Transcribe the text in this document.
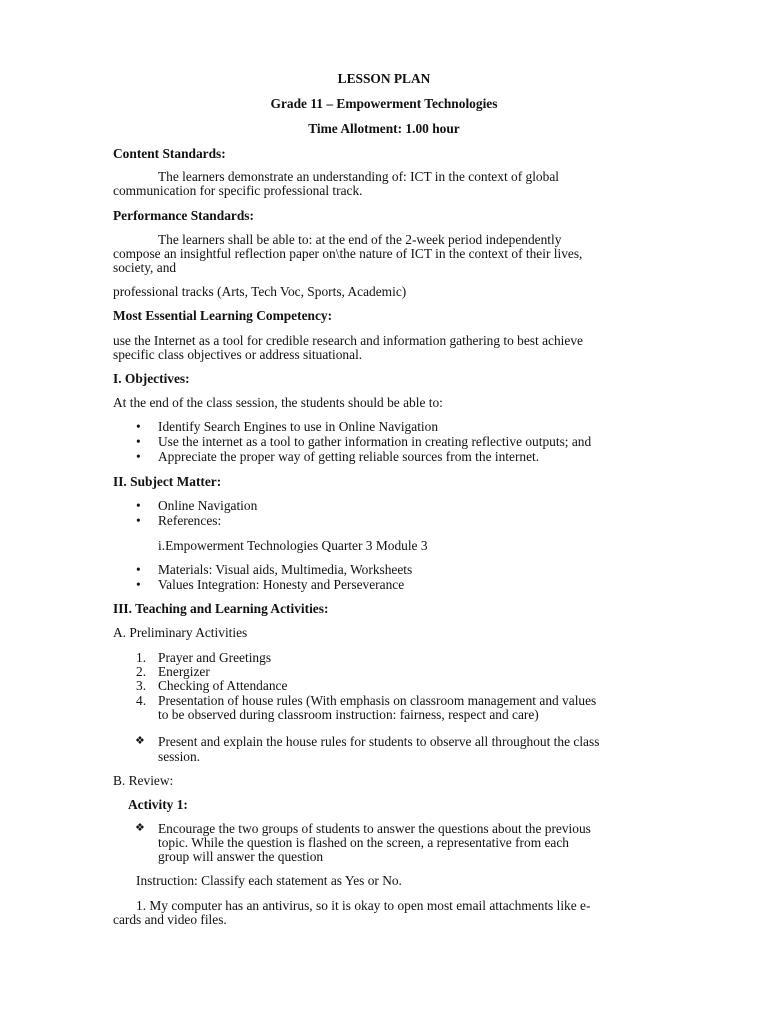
LESSON PLAN

Grade 11 – Empowerment Technologies

Time Allotment: 1.00 hour

Content Standards:

The learners demonstrate an understanding of: ICT in the context of global

communication for specific professional track.

Performance Standards:

The learners shall be able to: at the end of the 2-week period independently

compose an insightful reflection paper on\the nature of ICT in the context of their lives,

society, and

professional tracks (Arts, Tech Voc, Sports, Academic)

Most Essential Learning Competency:

use the Internet as a tool for credible research and information gathering to best achieve

specific class objectives or address situational.

I. Objectives:

At the end of the class session, the students should be able to:

• Identify Search Engines to use in Online Navigation

• Use the internet as a tool to gather information in creating reflective outputs; and

• Appreciate the proper way of getting reliable sources from the internet.

II. Subject Matter:

• Online Navigation

• References:

i.Empowerment Technologies Quarter 3 Module 3

• Materials: Visual aids, Multimedia, Worksheets

• Values Integration: Honesty and Perseverance

III. Teaching and Learning Activities:

A. Preliminary Activities

1. Prayer and Greetings

2. Energizer

3. Checking of Attendance

4. Presentation of house rules (With emphasis on classroom management and values

to be observed during classroom instruction: fairness, respect and care)

❖ Present and explain the house rules for students to observe all throughout the class

session.

B. Review:

Activity 1:

❖ Encourage the two groups of students to answer the questions about the previous

topic. While the question is flashed on the screen, a representative from each

group will answer the question

Instruction: Classify each statement as Yes or No.

1. My computer has an antivirus, so it is okay to open most email attachments like e-

cards and video files.
